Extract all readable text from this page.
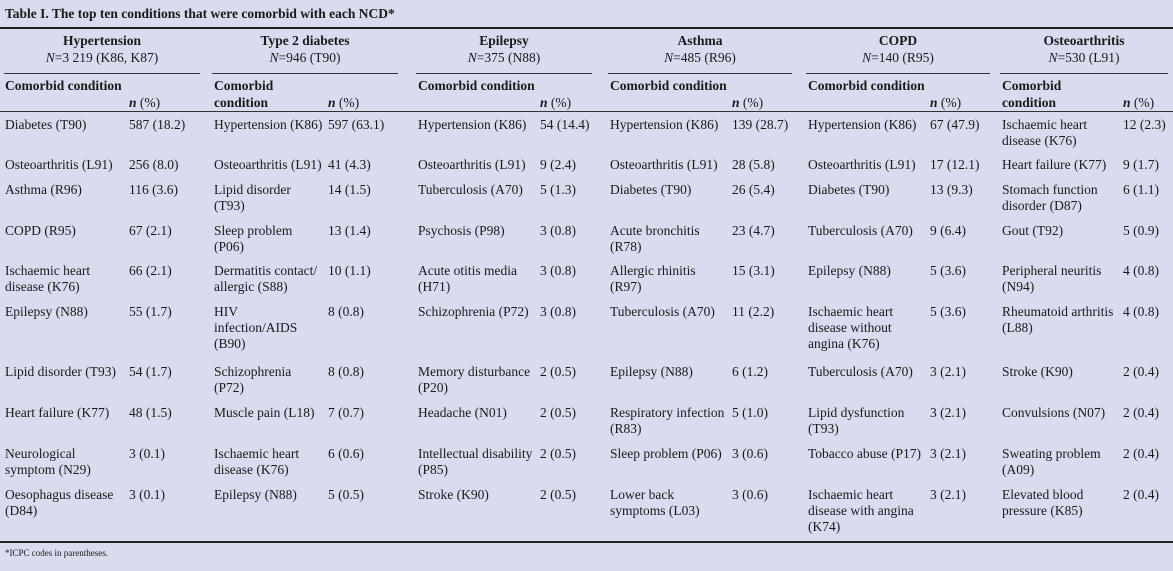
Table I. The top ten conditions that were comorbid with each NCD*
Hypertension
N=3 219 (K86, K87)
Comorbid condition
n (%)
Diabetes (T90)	587 (18.2)
Osteoarthritis (L91)	256 (8.0)
Asthma (R96)	116 (3.6)
COPD (R95)	67 (2.1)
Ischaemic heart disease (K76)
66 (2.1)
Epilepsy (N88)	55 (1.7)
Lipid disorder (T93) 54 (1.7)
Heart failure (K77)	48 (1.5)
Neurological symptom (N29)
3 (0.1)
Oesophagus disease (D84)
3 (0.1)
Type 2 diabetes
N=946 (T90)
Comorbid condition	n (%)
Hypertension (K86) 597 (63.1)
Osteoarthritis (L91) 41 (4.3)
Lipid disorder (T93)
14 (1.5)
Sleep problem (P06)
13 (1.4)
Dermatitis contact/ allergic (S88)
10 (1.1)
HIV infection/AIDS (B90)
8 (0.8)
Schizophrenia (P72)
8 (0.8)
Muscle pain (L18)	7 (0.7)
Ischaemic heart disease (K76)
6 (0.6)
Epilepsy (N88)	5 (0.5)
Epilepsy
N=375 (N88)
Comorbid condition
n (%)
Hypertension (K86)	54 (14.4)
Osteoarthritis (L91)	9 (2.4)
Tuberculosis (A70)	5 (1.3)
Psychosis (P98)	3 (0.8)
Acute otitis media (H71)
3 (0.8)
Schizophrenia (P72) 3 (0.8)
Memory disturbance (P20)
2 (0.5)
Headache (N01)	2 (0.5)
Intellectual disability (P85)
2 (0.5)
Stroke (K90)	2 (0.5)
Asthma
N=485 (R96)
Comorbid condition
n (%)
Hypertension (K86)	139 (28.7)
Osteoarthritis (L91)	28 (5.8)
Diabetes (T90)	26 (5.4)
Acute bronchitis (R78)
23 (4.7)
Allergic rhinitis (R97)
15 (3.1)
Tuberculosis (A70)	11 (2.2)
Epilepsy (N88)	6 (1.2)
Respiratory infection (R83)
5 (1.0)
Sleep problem (P06) 3 (0.6)
Lower back symptoms (L03)
3 (0.6)
COPD
N=140 (R95)
Comorbid condition
n (%)
Hypertension (K86)	67 (47.9)
Osteoarthritis (L91)	17 (12.1)
Diabetes (T90)	13 (9.3)
Tuberculosis (A70)	9 (6.4)
Epilepsy (N88)	5 (3.6)
Ischaemic heart disease without angina (K76)
5 (3.6)
Tuberculosis (A70)	3 (2.1)
Lipid dysfunction (T93)
3 (2.1)
Tobacco abuse (P17) 3 (2.1)
Ischaemic heart disease with angina (K74)
3 (2.1)
Osteoarthritis
N=530 (L91)
Comorbid condition	n (%)
Ischaemic heart disease (K76)
12 (2.3)
Heart failure (K77)	9 (1.7)
Stomach function disorder (D87)
6 (1.1)
Gout (T92)	5 (0.9)
Peripheral neuritis (N94)
4 (0.8)
Rheumatoid arthritis (L88)
4 (0.8)
Stroke (K90)	2 (0.4)
Convulsions (N07)	2 (0.4)
Sweating problem (A09)
2 (0.4)
Elevated blood pressure (K85)
2 (0.4)
*ICPC codes in parentheses.
